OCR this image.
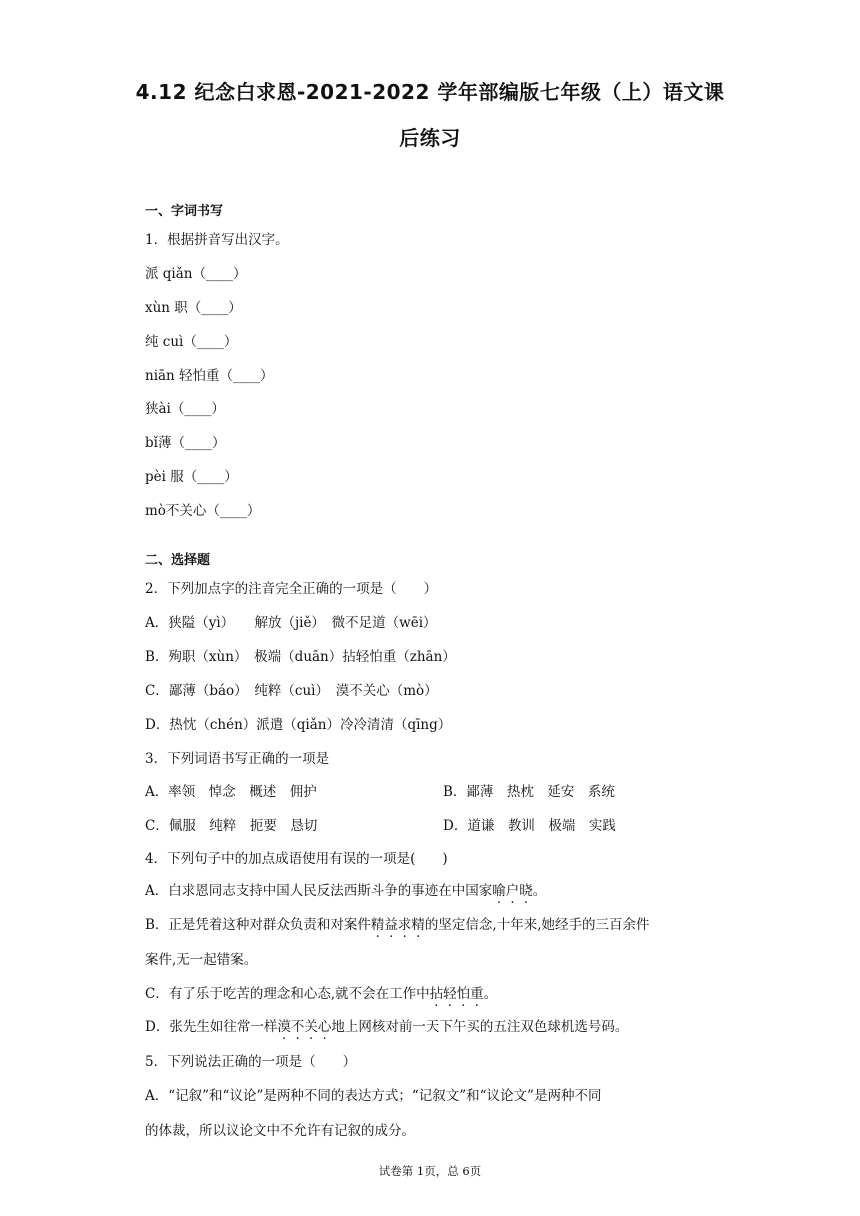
4.12 纪念白求恩-2021-2022 学年部编版七年级（上）语文课
后练习
一、字词书写
1．根据拼音写出汉字。
派 qiǎn（____）
xùn 职（____）
纯 cuì（____）
niān 轻怕重（____）
狭ài（____）
bǐ薄（____）
pèi 服（____）
mò不关心（____）
二、选择题
2．下列加点字的注音完全正确的一项是（　　）
A．狭隘（yì）　　解放（jiě）　微不足道（wēi）
B．殉职（xùn）　极端（duān）拈轻怕重（zhān）
C．鄙薄（báo）　纯粹（cuì）　漠不关心（mò）
D．热忱（chén）派遣（qiǎn）冷冷清清（qīng）
3．下列词语书写正确的一项是
A．率领　悼念　概述　佣护	B．鄙薄　热枕　延安　系统
C．佩服　纯粹　扼要　恳切	D．道谦　教训　极端　实践
4．下列句子中的加点成语使用有误的一项是(　　)
A．白求恩同志支持中国人民反法西斯斗争的事迹在中国家喻户晓。
B．正是凭着这种对群众负责和对案件精益求精的坚定信念,十年来,她经手的三百余件
案件,无一起错案。
C．有了乐于吃苦的理念和心态,就不会在工作中拈轻怕重。
D．张先生如往常一样漠不关心地上网核对前一天下午买的五注双色球机选号码。
5．下列说法正确的一项是（　　）
A．“记叙”和“议论”是两种不同的表达方式；“记叙文”和“议论文”是两种不同
的体裁，所以议论文中不允许有记叙的成分。
试卷第 1页，总 6页
